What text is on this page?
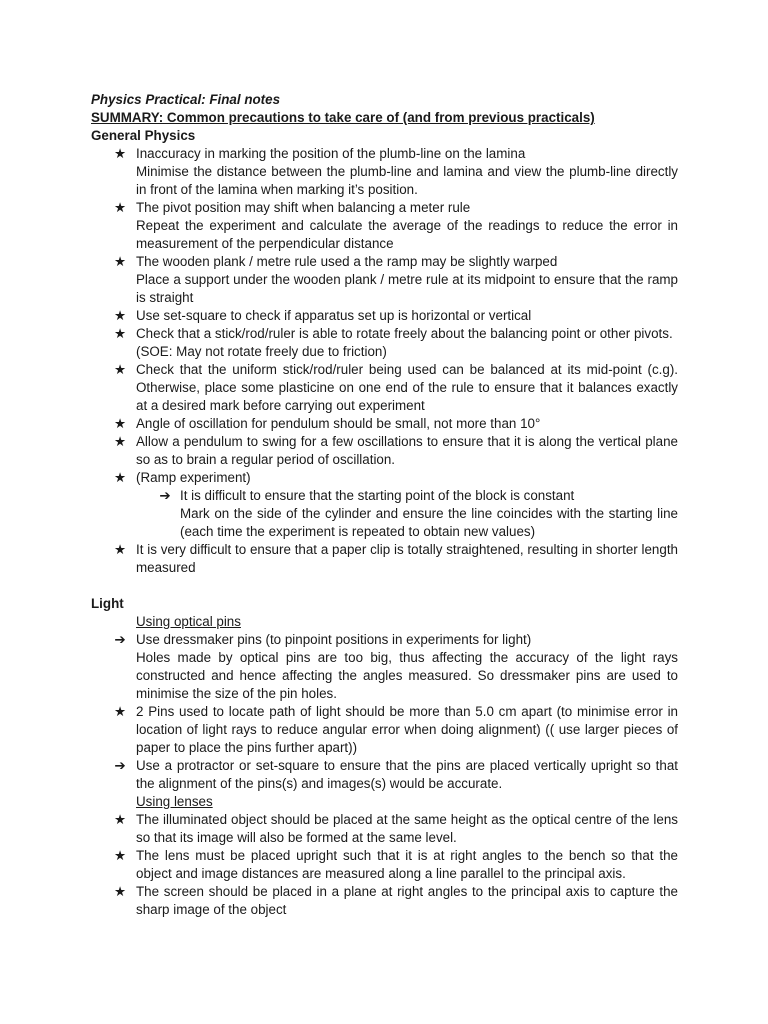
Physics Practical: Final notes
SUMMARY: Common precautions to take care of (and from previous practicals)
General Physics
★ Inaccuracy in marking the position of the plumb-line on the lamina
Minimise the distance between the plumb-line and lamina and view the plumb-line directly in front of the lamina when marking it’s position.
★ The pivot position may shift when balancing a meter rule
Repeat the experiment and calculate the average of the readings to reduce the error in measurement of the perpendicular distance
★ The wooden plank / metre rule used a the ramp may be slightly warped
Place a support under the wooden plank / metre rule at its midpoint to ensure that the ramp is straight
★ Use set-square to check if apparatus set up is horizontal or vertical
★ Check that a stick/rod/ruler is able to rotate freely about the balancing point or other pivots.
(SOE: May not rotate freely due to friction)
★ Check that the uniform stick/rod/ruler being used can be balanced at its mid-point (c.g). Otherwise, place some plasticine on one end of the rule to ensure that it balances exactly at a desired mark before carrying out experiment
★ Angle of oscillation for pendulum should be small, not more than 10°
★ Allow a pendulum to swing for a few oscillations to ensure that it is along the vertical plane so as to brain a regular period of oscillation.
★ (Ramp experiment)
➔ It is difficult to ensure that the starting point of the block is constant
Mark on the side of the cylinder and ensure the line coincides with the starting line (each time the experiment is repeated to obtain new values)
★ It is very difficult to ensure that a paper clip is totally straightened, resulting in shorter length measured
Light
Using optical pins
➔ Use dressmaker pins (to pinpoint positions in experiments for light)
Holes made by optical pins are too big, thus affecting the accuracy of the light rays constructed and hence affecting the angles measured. So dressmaker pins are used to minimise the size of the pin holes.
★ 2 Pins used to locate path of light should be more than 5.0 cm apart (to minimise error in location of light rays to reduce angular error when doing alignment) (( use larger pieces of paper to place the pins further apart))
➔ Use a protractor or set-square to ensure that the pins are placed vertically upright so that the alignment of the pins(s) and images(s) would be accurate.
Using lenses
★ The illuminated object should be placed at the same height as the optical centre of the lens so that its image will also be formed at the same level.
★ The lens must be placed upright such that it is at right angles to the bench so that the object and image distances are measured along a line parallel to the principal axis.
★ The screen should be placed in a plane at right angles to the principal axis to capture the sharp image of the object
